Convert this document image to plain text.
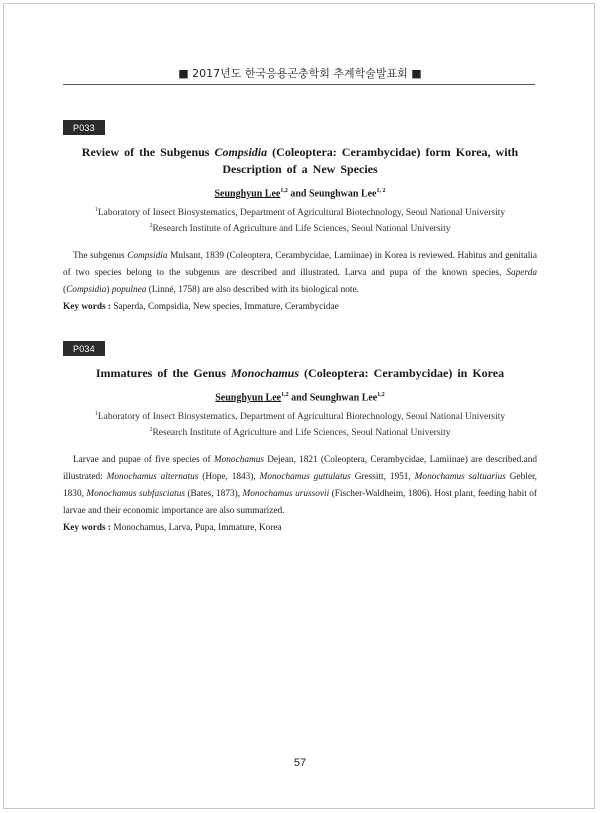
■ 2017년도 한국응용곤충학회 추계학술발표회 ■
P033
Review of the Subgenus Compsidia (Coleoptera: Cerambycidae) form Korea, with Description of a New Species
Seunghyun Lee$^{1,2}$ and Seunghwan Lee$^{1, 2}$
$^1$Laboratory of Insect Biosystematics, Department of Agricultural Biotechnology, Seoul National University
$^2$Research Institute of Agriculture and Life Sciences, Seoul National University
The subgenus Compsidia Mulsant, 1839 (Coleoptera, Cerambycidae, Lamiinae) in Korea is reviewed. Habitus and genitalia of two species belong to the subgenus are described and illustrated. Larva and pupa of the known species, Saperda (Compsidia) populnea (Linné, 1758) are also described with its biological note.
Key words : Saperda, Compsidia, New species, Immature, Cerambycidae
P034
Immatures of the Genus Monochamus (Coleoptera: Cerambycidae) in Korea
Seunghyun Lee$^{1,2}$ and Seunghwan Lee$^{1,2}$
$^1$Laboratory of Insect Biosystematics, Department of Agricultural Biotechnology, Seoul National University
$^2$Research Institute of Agriculture and Life Sciences, Seoul National University
Larvae and pupae of five species of Monochamus Dejean, 1821 (Coleoptera, Cerambycidae, Lamiinae) are described.and illustrated: Monochamus alternatus (Hope, 1843), Monochamus guttulatus Gressitt, 1951, Monochamus saltuarius Gebler, 1830, Monochamus subfasciatus (Bates, 1873), Monochamus urussovii (Fischer-Waldheim, 1806). Host plant, feeding habit of larvae and their economic importance are also summarized.
Key words : Monochamus, Larva, Pupa, Immature, Korea
57
